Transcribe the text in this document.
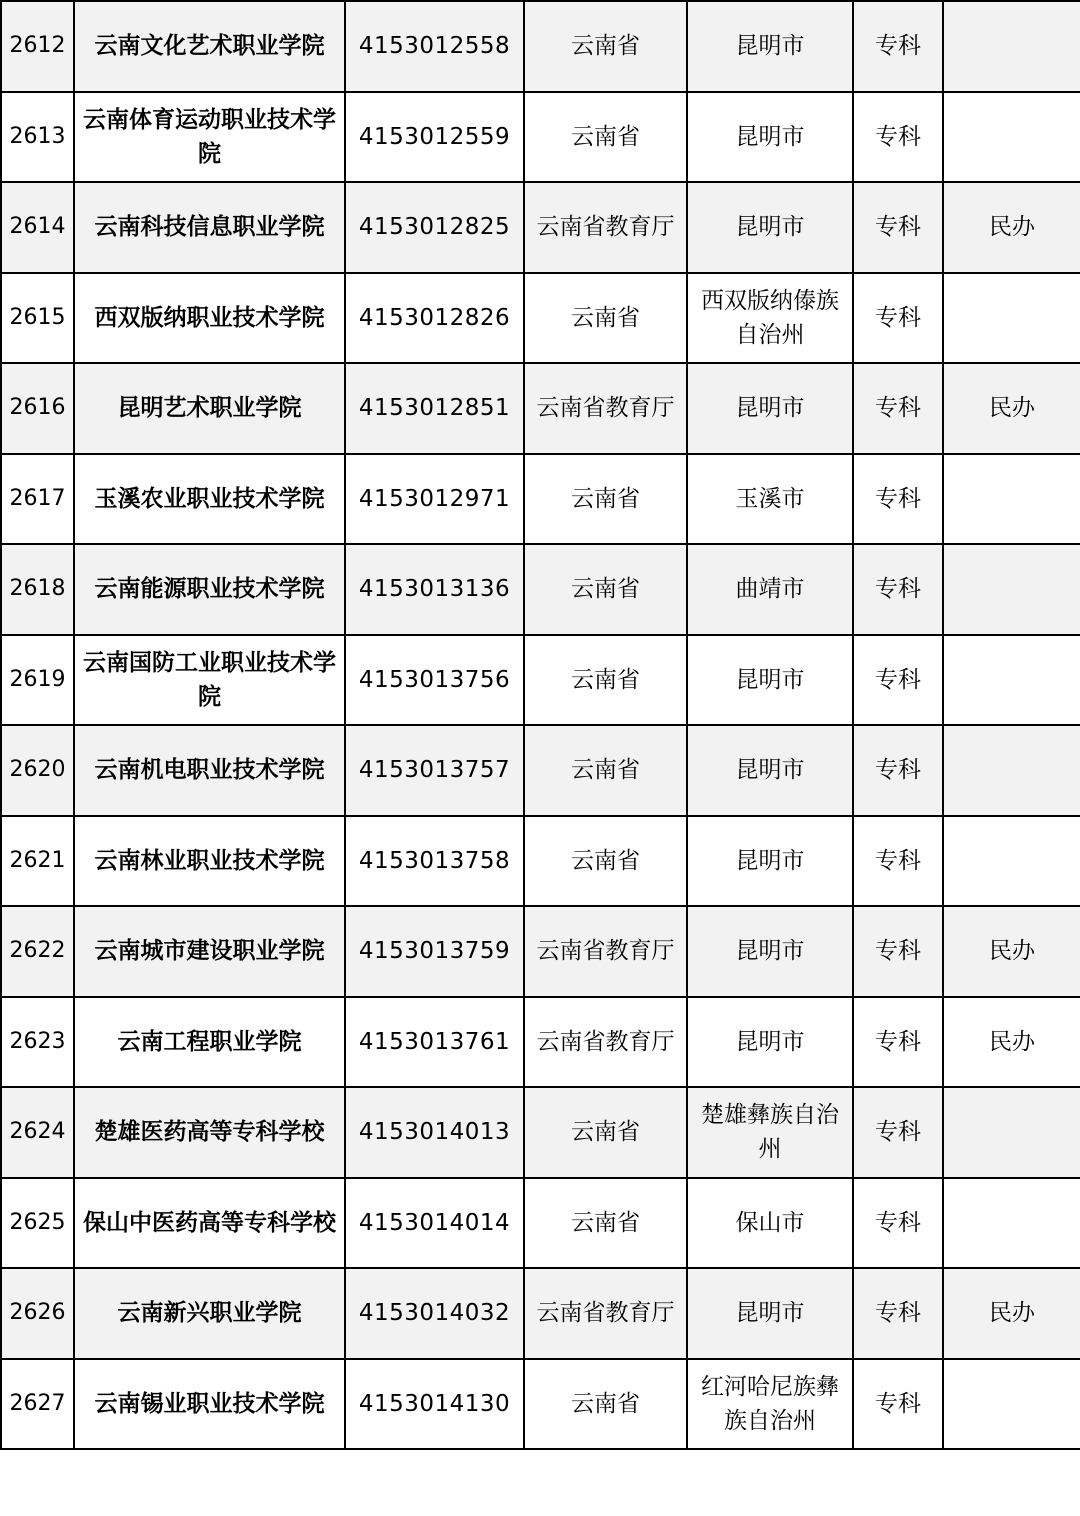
2612	云南文化艺术职业学院	4153012558	云南省	昆明市	专科	
2613	云南体育运动职业技术学院	4153012559	云南省	昆明市	专科	
2614	云南科技信息职业学院	4153012825	云南省教育厅	昆明市	专科	民办
2615	西双版纳职业技术学院	4153012826	云南省	西双版纳傣族自治州	专科	
2616	昆明艺术职业学院	4153012851	云南省教育厅	昆明市	专科	民办
2617	玉溪农业职业技术学院	4153012971	云南省	玉溪市	专科	
2618	云南能源职业技术学院	4153013136	云南省	曲靖市	专科	
2619	云南国防工业职业技术学院	4153013756	云南省	昆明市	专科	
2620	云南机电职业技术学院	4153013757	云南省	昆明市	专科	
2621	云南林业职业技术学院	4153013758	云南省	昆明市	专科	
2622	云南城市建设职业学院	4153013759	云南省教育厅	昆明市	专科	民办
2623	云南工程职业学院	4153013761	云南省教育厅	昆明市	专科	民办
2624	楚雄医药高等专科学校	4153014013	云南省	楚雄彝族自治州	专科	
2625	保山中医药高等专科学校	4153014014	云南省	保山市	专科	
2626	云南新兴职业学院	4153014032	云南省教育厅	昆明市	专科	民办
2627	云南锡业职业技术学院	4153014130	云南省	红河哈尼族彝族自治州	专科	
